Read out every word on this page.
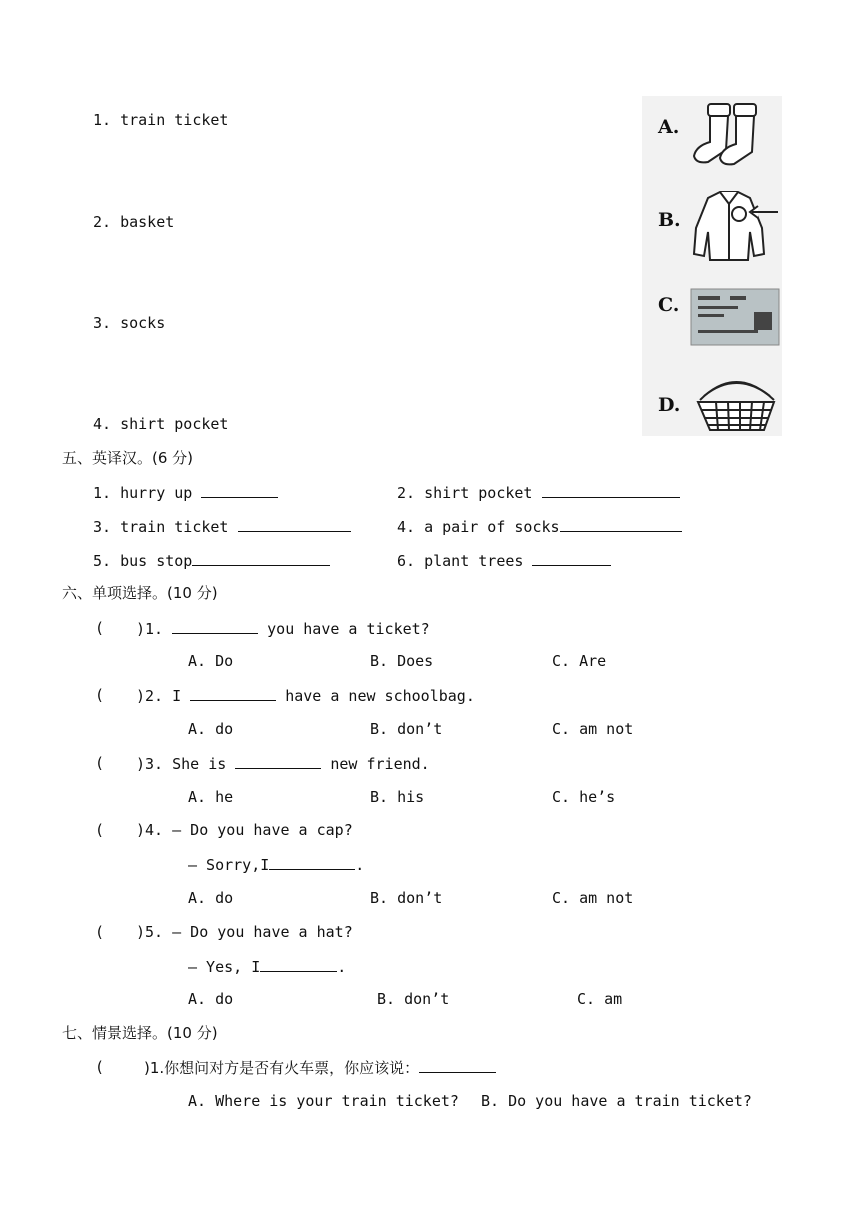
1. train ticket
2. basket
3. socks
4. shirt pocket
A.
B.
C.
D.
五、英译汉。(6 分)
1. hurry up	2. shirt pocket
3. train ticket	4. a pair of socks
5. bus stop	6. plant trees
六、单项选择。(10 分)
( )1.	you have a ticket?
A. Do	B. Does	C. Are
( )2. I	have a new schoolbag.
A. do	B. don’t	C. am not
( )3. She is	new friend.
A. he	B. his	C. he’s
( )4. — Do you have a cap?
— Sorry,I	.
A. do	B. don’t	C. am not
( )5. — Do you have a hat?
— Yes, I	.
A. do	B. don’t	C. am
七、情景选择。(10 分)
(	)1.你想问对方是否有火车票，你应该说：
A. Where is your train ticket? B. Do you have a train ticket?
